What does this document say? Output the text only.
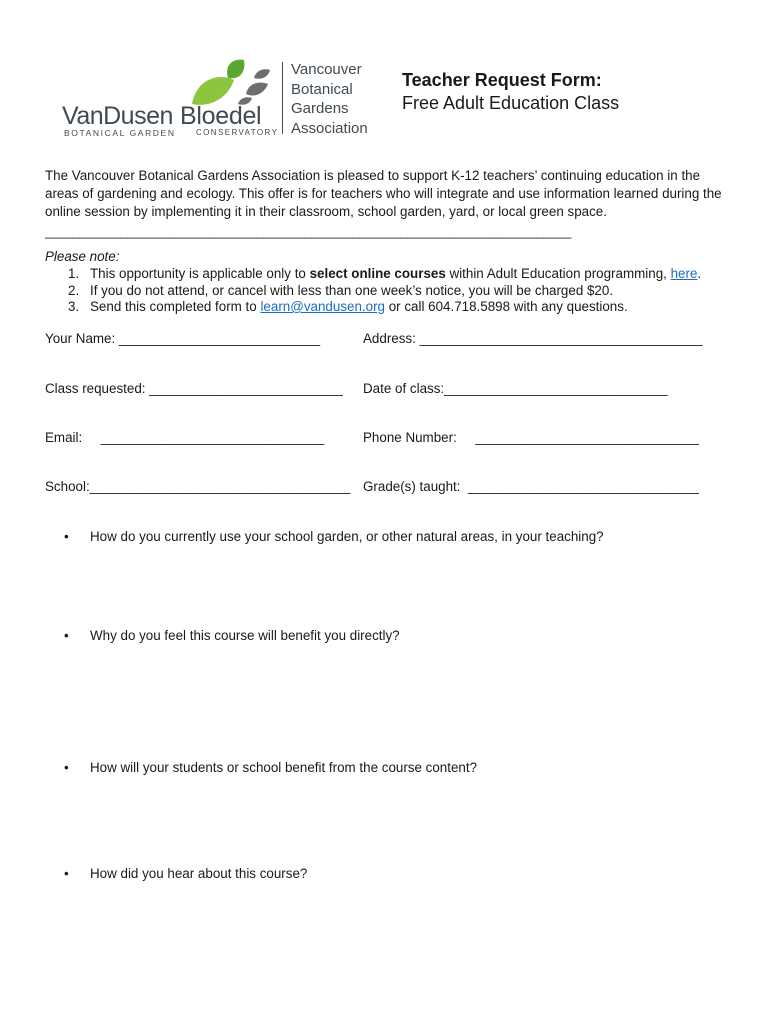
VanDusen
BOTANICAL GARDEN
Bloedel
CONSERVATORY
Vancouver
Botanical
Gardens
Association
Teacher Request Form:
Free Adult Education Class
The Vancouver Botanical Gardens Association is pleased to support K-12 teachers’ continuing education in the areas of gardening and ecology. This offer is for teachers who will integrate and use information learned during the online session by implementing it in their classroom, school garden, yard, or local green space.
_____________________________________________________________________________
Please note:
1. This opportunity is applicable only to select online courses within Adult Education programming, here.
2. If you do not attend, or cancel with less than one week’s notice, you will be charged $20.
3. Send this completed form to learn@vandusen.org or call 604.718.5898 with any questions.
Your Name: ___________________________	Address: ______________________________________
Class requested: __________________________ Date of class:______________________________
Email:     ______________________________	Phone Number:     ______________________________
School:___________________________________ Grade(s) taught:  _______________________________
• How do you currently use your school garden, or other natural areas, in your teaching?
• Why do you feel this course will benefit you directly?
• How will your students or school benefit from the course content?
• How did you hear about this course?
